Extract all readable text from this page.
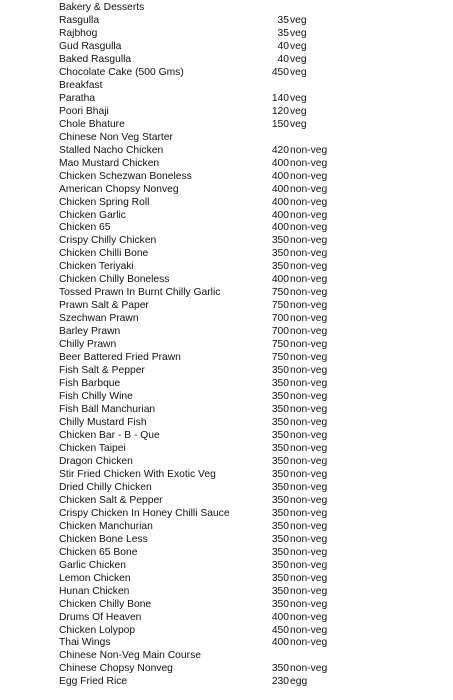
Bakery & Desserts
Rasgulla	35 veg
Rajbhog	35 veg
Gud Rasgulla	40 veg
Baked Rasgulla	40 veg
Chocolate Cake (500 Gms)	450 veg
Breakfast
Paratha	140 veg
Poori Bhaji	120 veg
Chole Bhature	150 veg
Chinese Non Veg Starter
Stalled Nacho Chicken	420 non-veg
Mao Mustard Chicken	400 non-veg
Chicken Schezwan Boneless	400 non-veg
American Chopsy Nonveg	400 non-veg
Chicken Spring Roll	400 non-veg
Chicken Garlic	400 non-veg
Chicken 65	400 non-veg
Crispy Chilly Chicken	350 non-veg
Chicken Chilli Bone	350 non-veg
Chicken Teriyaki	350 non-veg
Chicken Chilly Boneless	400 non-veg
Tossed Prawn In Burnt Chilly Garlic	750 non-veg
Prawn Salt & Paper	750 non-veg
Szechwan Prawn	700 non-veg
Barley Prawn	700 non-veg
Chilly Prawn	750 non-veg
Beer Battered Fried Prawn	750 non-veg
Fish Salt & Pepper	350 non-veg
Fish Barbque	350 non-veg
Fish Chilly Wine	350 non-veg
Fish Ball Manchurian	350 non-veg
Chilly Mustard Fish	350 non-veg
Chicken Bar - B - Que	350 non-veg
Chicken Taipei	350 non-veg
Dragon Chicken	350 non-veg
Stir Fried Chicken With Exotic Veg	350 non-veg
Dried Chilly Chicken	350 non-veg
Chicken Salt & Pepper	350 non-veg
Crispy Chicken In Honey Chilli Sauce	350 non-veg
Chicken Manchurian	350 non-veg
Chicken Bone Less	350 non-veg
Chicken 65 Bone	350 non-veg
Garlic Chicken	350 non-veg
Lemon Chicken	350 non-veg
Hunan Chicken	350 non-veg
Chicken Chilly Bone	350 non-veg
Drums Of Heaven	400 non-veg
Chicken Lolypop	450 non-veg
Thai Wings	400 non-veg
Chinese Non-Veg Main Course
Chinese Chopsy Nonveg	350 non-veg
Egg Fried Rice	230 egg
